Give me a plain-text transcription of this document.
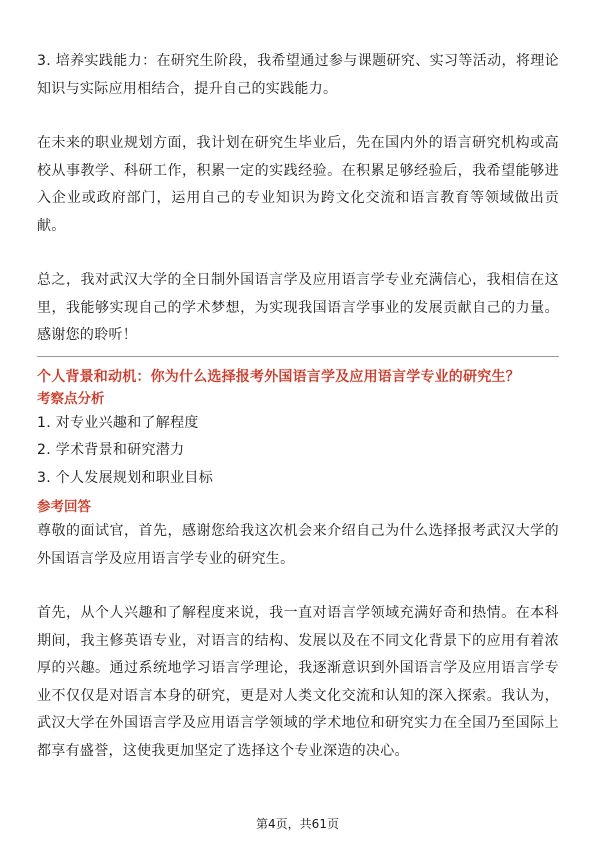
3. 培养实践能力：在研究生阶段，我希望通过参与课题研究、实习等活动，将理论知识与实际应用相结合，提升自己的实践能力。

在未来的职业规划方面，我计划在研究生毕业后，先在国内外的语言研究机构或高校从事教学、科研工作，积累一定的实践经验。在积累足够经验后，我希望能够进入企业或政府部门，运用自己的专业知识为跨文化交流和语言教育等领域做出贡献。

总之，我对武汉大学的全日制外国语言学及应用语言学专业充满信心，我相信在这里，我能够实现自己的学术梦想，为实现我国语言学事业的发展贡献自己的力量。感谢您的聆听！

个人背景和动机：你为什么选择报考外国语言学及应用语言学专业的研究生？

考察点分析

1. 对专业兴趣和了解程度
2. 学术背景和研究潜力
3. 个人发展规划和职业目标

参考回答

尊敬的面试官，首先，感谢您给我这次机会来介绍自己为什么选择报考武汉大学的外国语言学及应用语言学专业的研究生。

首先，从个人兴趣和了解程度来说，我一直对语言学领域充满好奇和热情。在本科期间，我主修英语专业，对语言的结构、发展以及在不同文化背景下的应用有着浓厚的兴趣。通过系统地学习语言学理论，我逐渐意识到外国语言学及应用语言学专业不仅仅是对语言本身的研究，更是对人类文化交流和认知的深入探索。我认为，武汉大学在外国语言学及应用语言学领域的学术地位和研究实力在全国乃至国际上都享有盛誉，这使我更加坚定了选择这个专业深造的决心。

第4页，共61页
